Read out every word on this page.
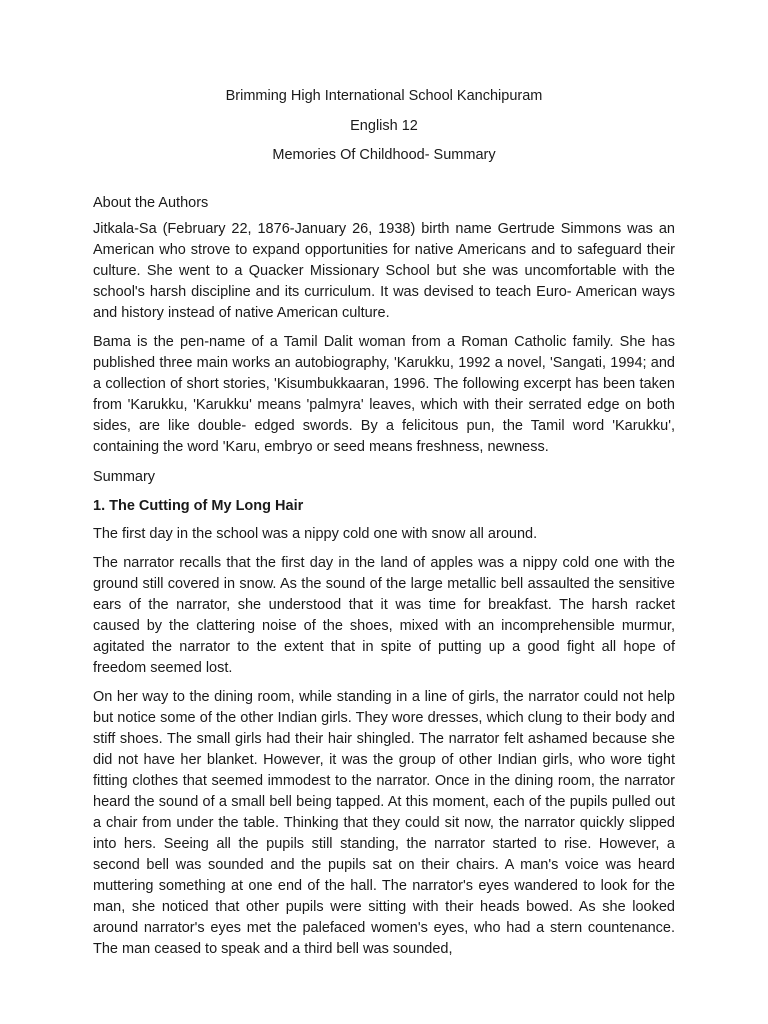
Brimming High International School Kanchipuram

English 12

Memories Of Childhood- Summary

About the Authors

Jitkala-Sa (February 22, 1876-January 26, 1938) birth name Gertrude Simmons was an American who strove to expand opportunities for native Americans and to safeguard their culture. She went to a Quacker Missionary School but she was uncomfortable with the school's harsh discipline and its curriculum. It was devised to teach Euro- American ways and history instead of native American culture.

Bama is the pen-name of a Tamil Dalit woman from a Roman Catholic family. She has published three main works an autobiography, 'Karukku, 1992 a novel, 'Sangati, 1994; and a collection of short stories, 'Kisumbukkaaran, 1996. The following excerpt has been taken from 'Karukku, 'Karukku' means 'palmyra' leaves, which with their serrated edge on both sides, are like double- edged swords. By a felicitous pun, the Tamil word 'Karukku', containing the word 'Karu, embryo or seed means freshness, newness.

Summary

1. The Cutting of My Long Hair

The first day in the school was a nippy cold one with snow all around.

The narrator recalls that the first day in the land of apples was a nippy cold one with the ground still covered in snow. As the sound of the large metallic bell assaulted the sensitive ears of the narrator, she understood that it was time for breakfast. The harsh racket caused by the clattering noise of the shoes, mixed with an incomprehensible murmur, agitated the narrator to the extent that in spite of putting up a good fight all hope of freedom seemed lost.

On her way to the dining room, while standing in a line of girls, the narrator could not help but notice some of the other Indian girls. They wore dresses, which clung to their body and stiff shoes. The small girls had their hair shingled. The narrator felt ashamed because she did not have her blanket. However, it was the group of other Indian girls, who wore tight fitting clothes that seemed immodest to the narrator. Once in the dining room, the narrator heard the sound of a small bell being tapped. At this moment, each of the pupils pulled out a chair from under the table. Thinking that they could sit now, the narrator quickly slipped into hers. Seeing all the pupils still standing, the narrator started to rise. However, a second bell was sounded and the pupils sat on their chairs. A man's voice was heard muttering something at one end of the hall. The narrator's eyes wandered to look for the man, she noticed that other pupils were sitting with their heads bowed. As she looked around narrator's eyes met the palefaced women's eyes, who had a stern countenance. The man ceased to speak and a third bell was sounded,
